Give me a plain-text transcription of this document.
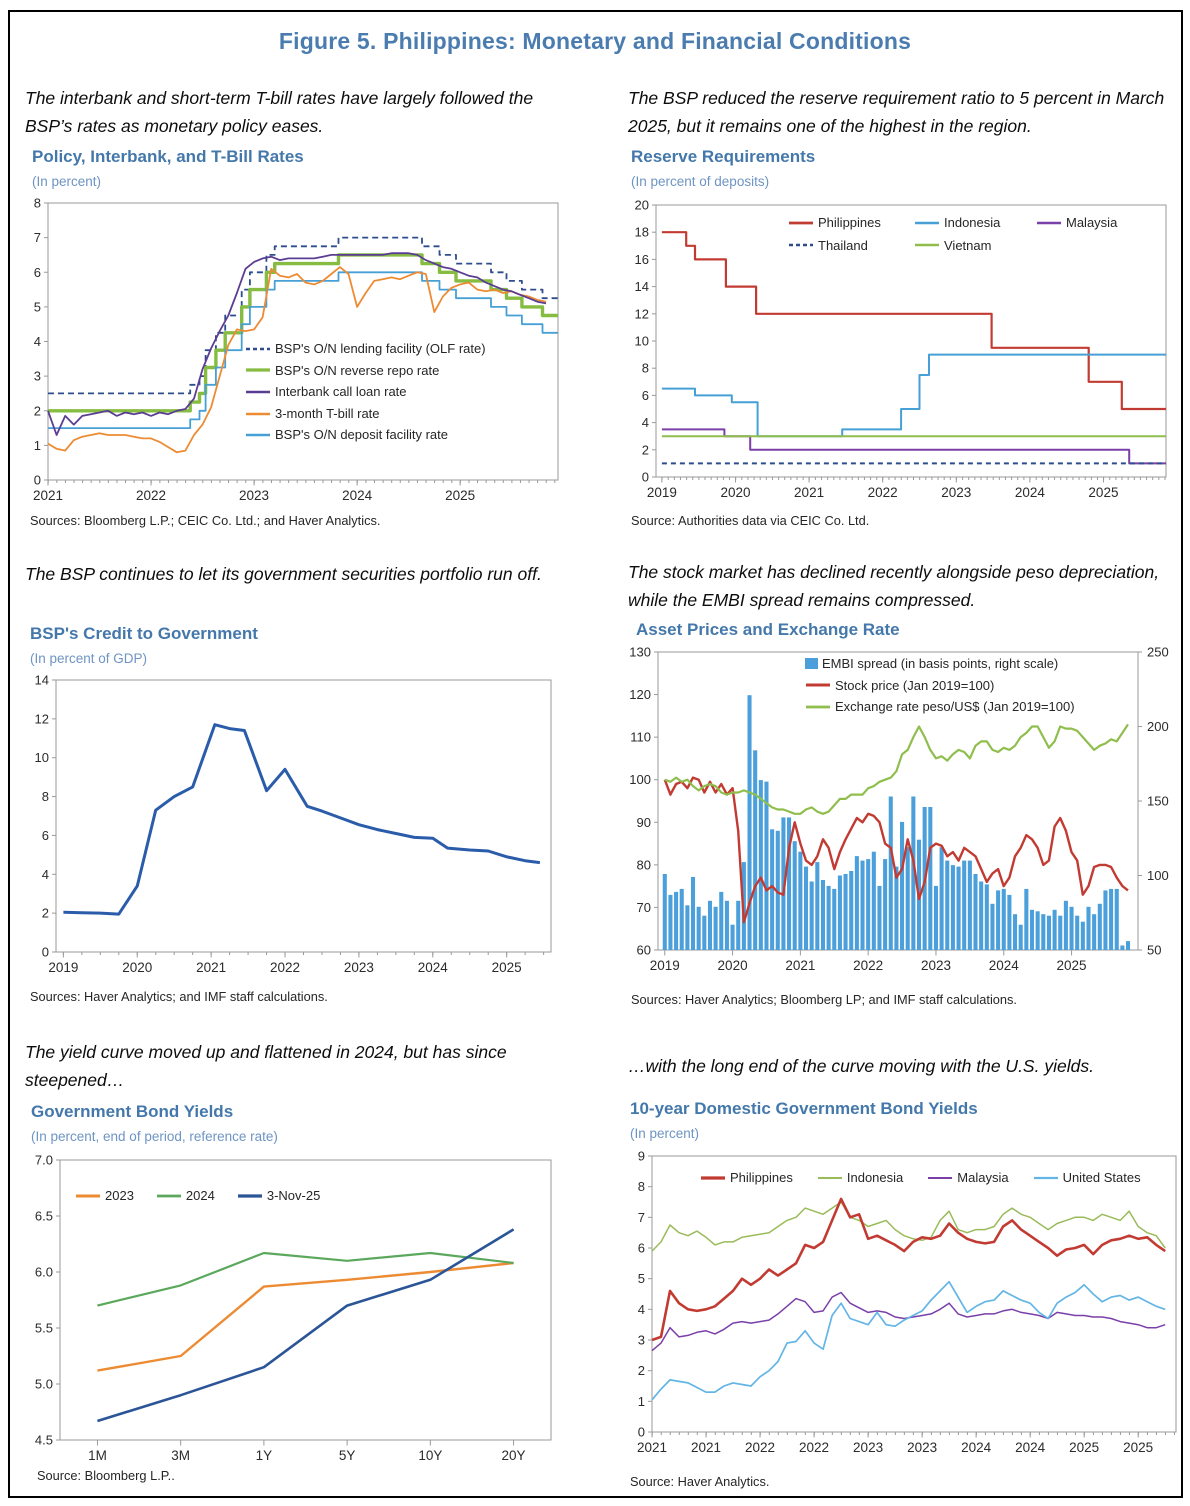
Figure 5. Philippines: Monetary and Financial Conditions
The interbank and short-term T-bill rates have largely followed the BSP’s rates as monetary policy eases.
Policy, Interbank, and T-Bill Rates
(In percent)
0
1
2
3
4
5
6
7
8
2021	2022	2023	2024	2025
BSP's O/N lending facility (OLF rate)
BSP's O/N reverse repo rate
Interbank call loan rate
3-month T-bill rate
BSP's O/N deposit facility rate
Sources: Bloomberg L.P.; CEIC Co. Ltd.; and Haver Analytics.
The BSP reduced the reserve requirement ratio to 5 percent in March 2025, but it remains one of the highest in the region.
Reserve Requirements
(In percent of deposits)
0
2
4
6
8
10
12
14
16
18
20
2019	2020	2021	2022	2023	2024	2025
Philippines	Indonesia	Malaysia
Thailand	Vietnam
Source: Authorities data via CEIC Co. Ltd.
The BSP continues to let its government securities portfolio run off.
BSP's Credit to Government
(In percent of GDP)
0
2
4
6
8
10
12
14
2019	2020	2021	2022	2023	2024	2025
Sources: Haver Analytics; and IMF staff calculations.
The stock market has declined recently alongside peso depreciation, while the EMBI spread remains compressed.
Asset Prices and Exchange Rate
60
70
80
90
100
110
120
130
50
100
150
200
250
2019	2020	2021	2022	2023	2024	2025
EMBI spread (in basis points, right scale)
Stock price (Jan 2019=100)
Exchange rate peso/US$ (Jan 2019=100)
Sources: Haver Analytics; Bloomberg LP; and IMF staff calculations.
The yield curve moved up and flattened in 2024, but has since steepened…
Government Bond Yields
(In percent, end of period, reference rate)
4.5
5.0
5.5
6.0
6.5
7.0
1M	3M	1Y	5Y	10Y	20Y
2023	2024	3-Nov-25
Source: Bloomberg L.P..
…with the long end of the curve moving with the U.S. yields.
10-year Domestic Government Bond Yields
(In percent)
0
1
2
3
4
5
6
7
8
9
2021 2021 2022 2022 2023 2023 2024 2024 2025 2025
Philippines	Indonesia	Malaysia	United States
Source: Haver Analytics.
